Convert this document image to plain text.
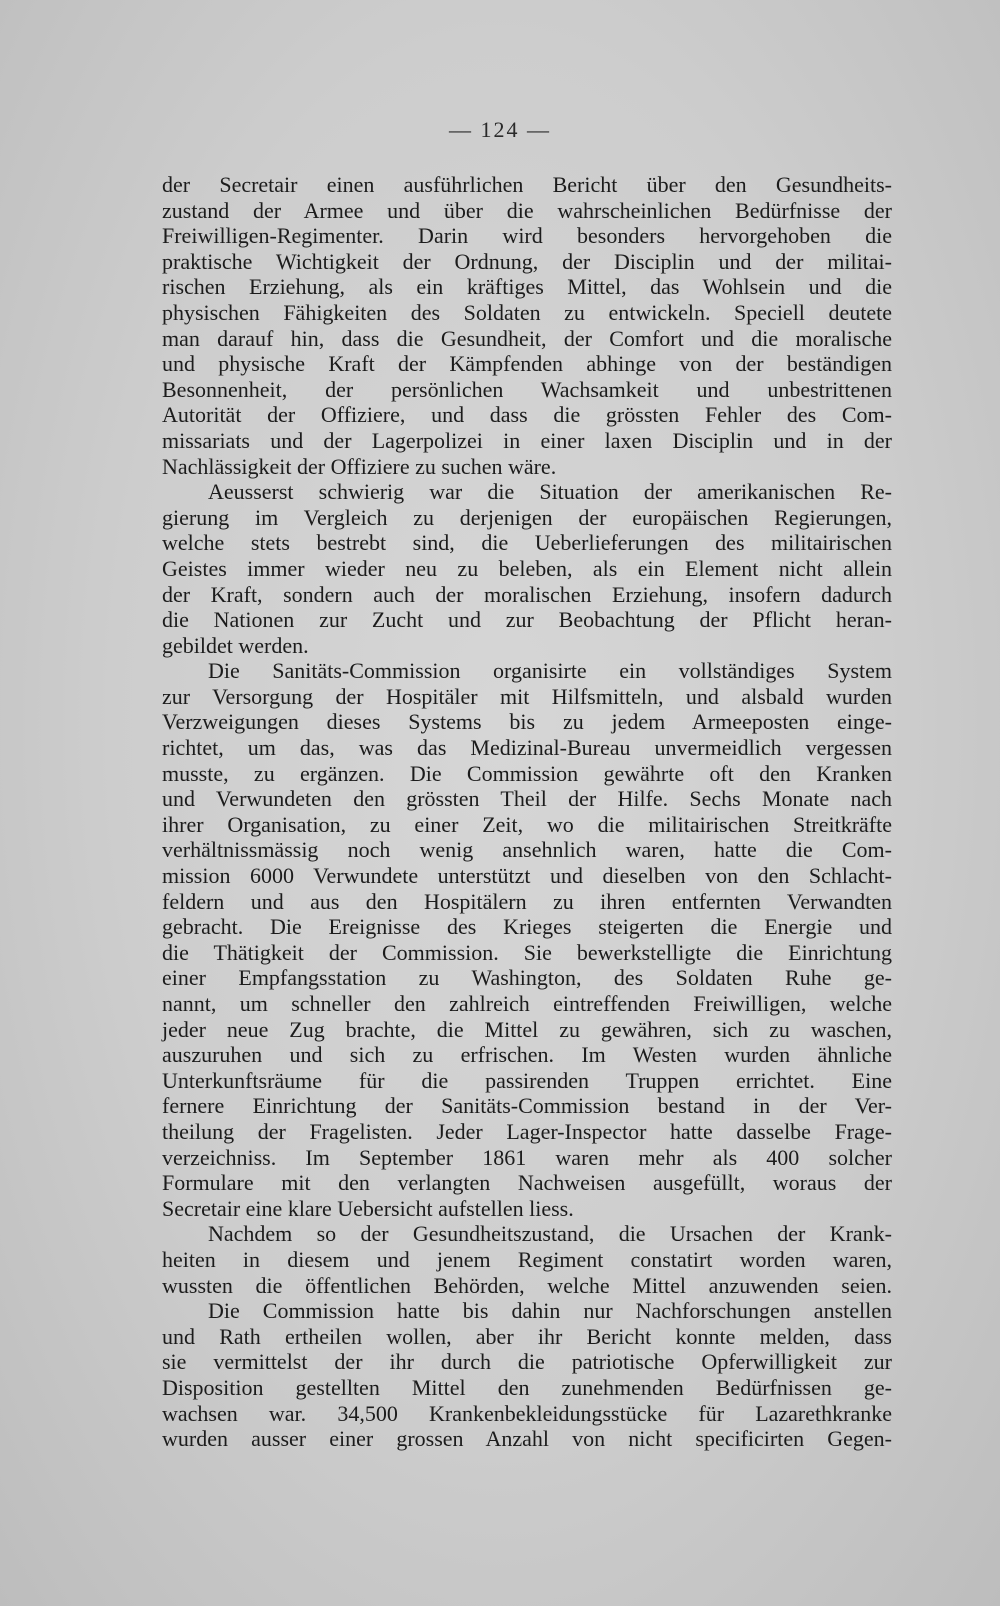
— 124 —
der Secretair einen ausführlichen Bericht über den Gesundheits-
zustand der Armee und über die wahrscheinlichen Bedürfnisse der
Freiwilligen-Regimenter. Darin wird besonders hervorgehoben die
praktische Wichtigkeit der Ordnung, der Disciplin und der militai-
rischen Erziehung, als ein kräftiges Mittel, das Wohlsein und die
physischen Fähigkeiten des Soldaten zu entwickeln. Speciell deutete
man darauf hin, dass die Gesundheit, der Comfort und die moralische
und physische Kraft der Kämpfenden abhinge von der beständigen
Besonnenheit, der persönlichen Wachsamkeit und unbestrittenen
Autorität der Offiziere, und dass die grössten Fehler des Com-
missariats und der Lagerpolizei in einer laxen Disciplin und in der
Nachlässigkeit der Offiziere zu suchen wäre.
Aeusserst schwierig war die Situation der amerikanischen Re-
gierung im Vergleich zu derjenigen der europäischen Regierungen,
welche stets bestrebt sind, die Ueberlieferungen des militairischen
Geistes immer wieder neu zu beleben, als ein Element nicht allein
der Kraft, sondern auch der moralischen Erziehung, insofern dadurch
die Nationen zur Zucht und zur Beobachtung der Pflicht heran-
gebildet werden.
Die Sanitäts-Commission organisirte ein vollständiges System
zur Versorgung der Hospitäler mit Hilfsmitteln, und alsbald wurden
Verzweigungen dieses Systems bis zu jedem Armeeposten einge-
richtet, um das, was das Medizinal-Bureau unvermeidlich vergessen
musste, zu ergänzen. Die Commission gewährte oft den Kranken
und Verwundeten den grössten Theil der Hilfe. Sechs Monate nach
ihrer Organisation, zu einer Zeit, wo die militairischen Streitkräfte
verhältnissmässig noch wenig ansehnlich waren, hatte die Com-
mission 6000 Verwundete unterstützt und dieselben von den Schlacht-
feldern und aus den Hospitälern zu ihren entfernten Verwandten
gebracht. Die Ereignisse des Krieges steigerten die Energie und
die Thätigkeit der Commission. Sie bewerkstelligte die Einrichtung
einer Empfangsstation zu Washington, des Soldaten Ruhe ge-
nannt, um schneller den zahlreich eintreffenden Freiwilligen, welche
jeder neue Zug brachte, die Mittel zu gewähren, sich zu waschen,
auszuruhen und sich zu erfrischen. Im Westen wurden ähnliche
Unterkunftsräume für die passirenden Truppen errichtet. Eine
fernere Einrichtung der Sanitäts-Commission bestand in der Ver-
theilung der Fragelisten. Jeder Lager-Inspector hatte dasselbe Frage-
verzeichniss. Im September 1861 waren mehr als 400 solcher
Formulare mit den verlangten Nachweisen ausgefüllt, woraus der
Secretair eine klare Uebersicht aufstellen liess.
Nachdem so der Gesundheitszustand, die Ursachen der Krank-
heiten in diesem und jenem Regiment constatirt worden waren,
wussten die öffentlichen Behörden, welche Mittel anzuwenden seien.
Die Commission hatte bis dahin nur Nachforschungen anstellen
und Rath ertheilen wollen, aber ihr Bericht konnte melden, dass
sie vermittelst der ihr durch die patriotische Opferwilligkeit zur
Disposition gestellten Mittel den zunehmenden Bedürfnissen ge-
wachsen war. 34,500 Krankenbekleidungsstücke für Lazarethkranke
wurden ausser einer grossen Anzahl von nicht specificirten Gegen-
